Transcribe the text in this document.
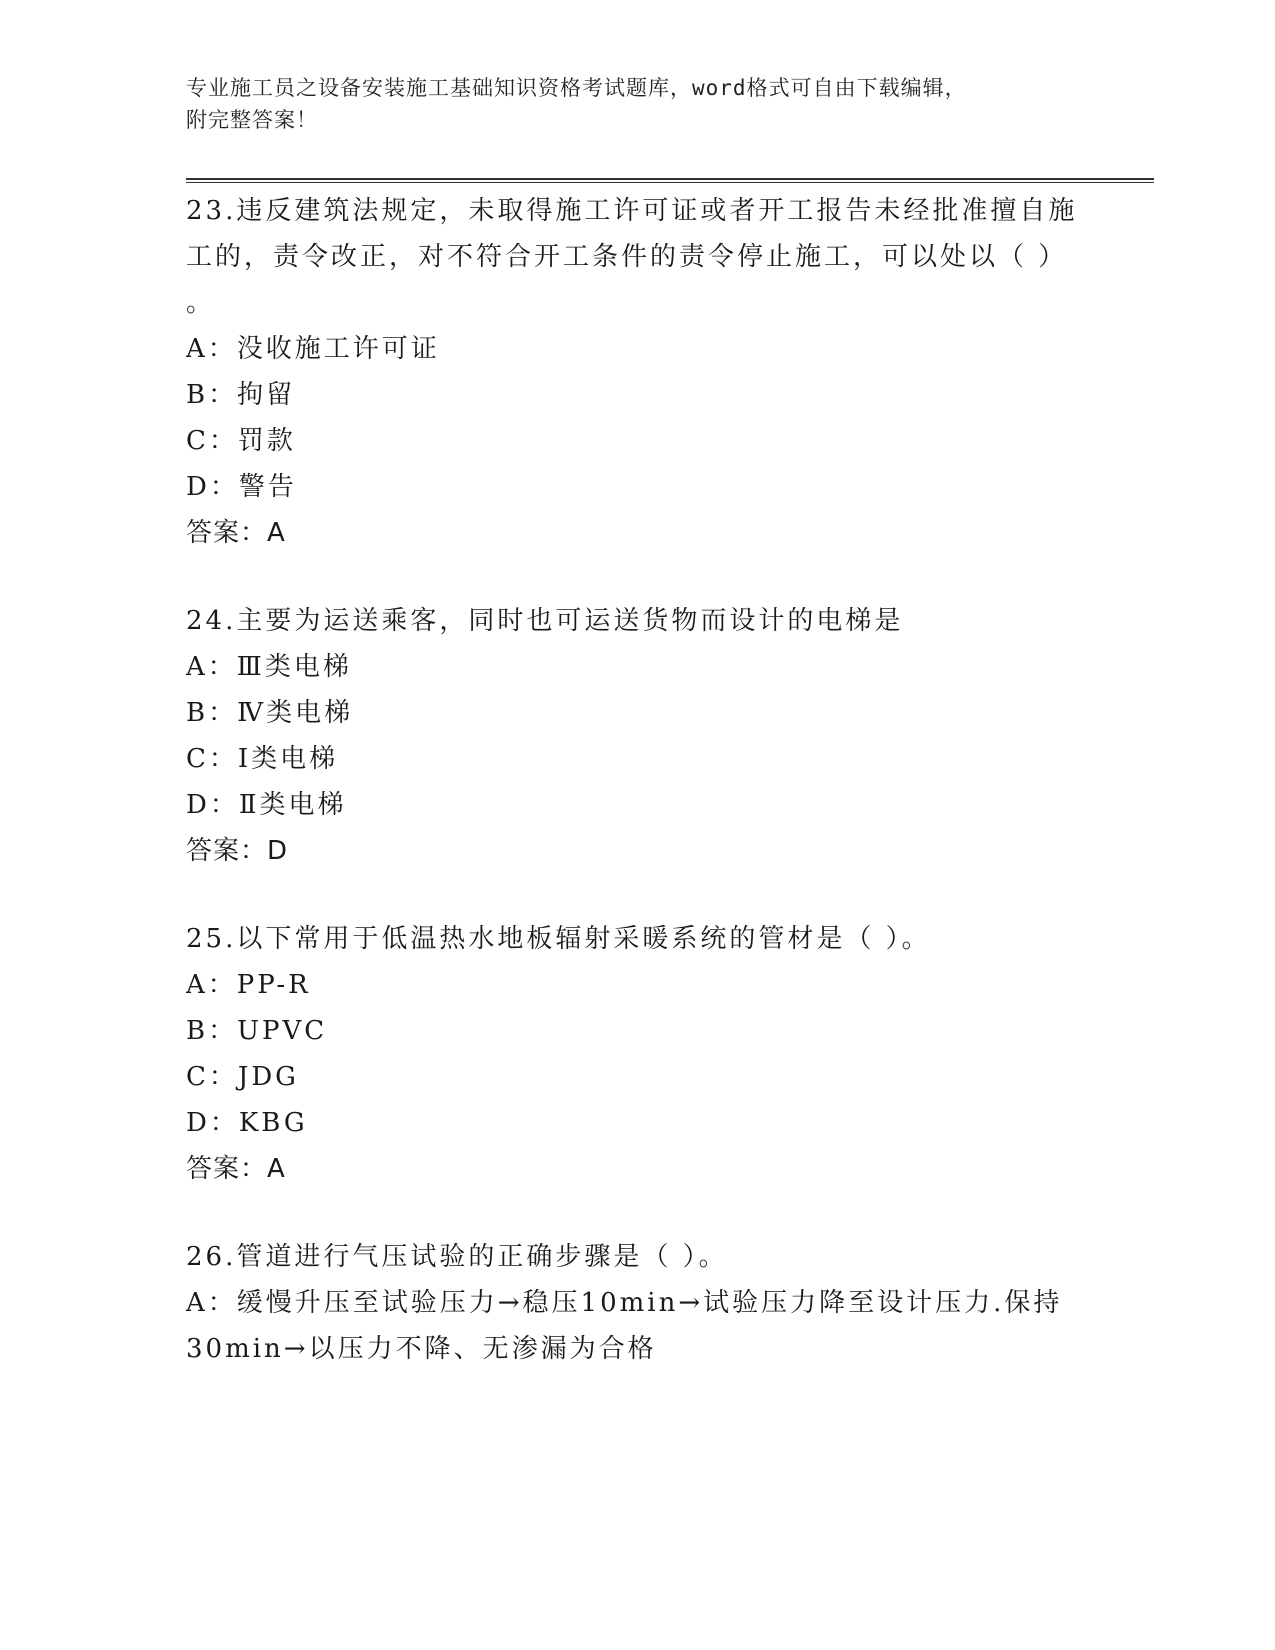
专业施工员之设备安装施工基础知识资格考试题库，word格式可自由下载编辑，
附完整答案！

23.违反建筑法规定，未取得施工许可证或者开工报告未经批准擅自施

工的，责令改正，对不符合开工条件的责令停止施工，可以处以（ ）

。

A：没收施工许可证

B：拘留

C：罚款

D：警告

答案：A

24.主要为运送乘客，同时也可运送货物而设计的电梯是

A：Ⅲ类电梯

B：Ⅳ类电梯

C：Ⅰ类电梯

D：Ⅱ类电梯

答案：D

25.以下常用于低温热水地板辐射采暖系统的管材是（ ）。

A：PP-R

B：UPVC

C：JDG

D：KBG

答案：A

26.管道进行气压试验的正确步骤是（ ）。

A：缓慢升压至试验压力→稳压10min→试验压力降至设计压力.保持

30min→以压力不降、无渗漏为合格
